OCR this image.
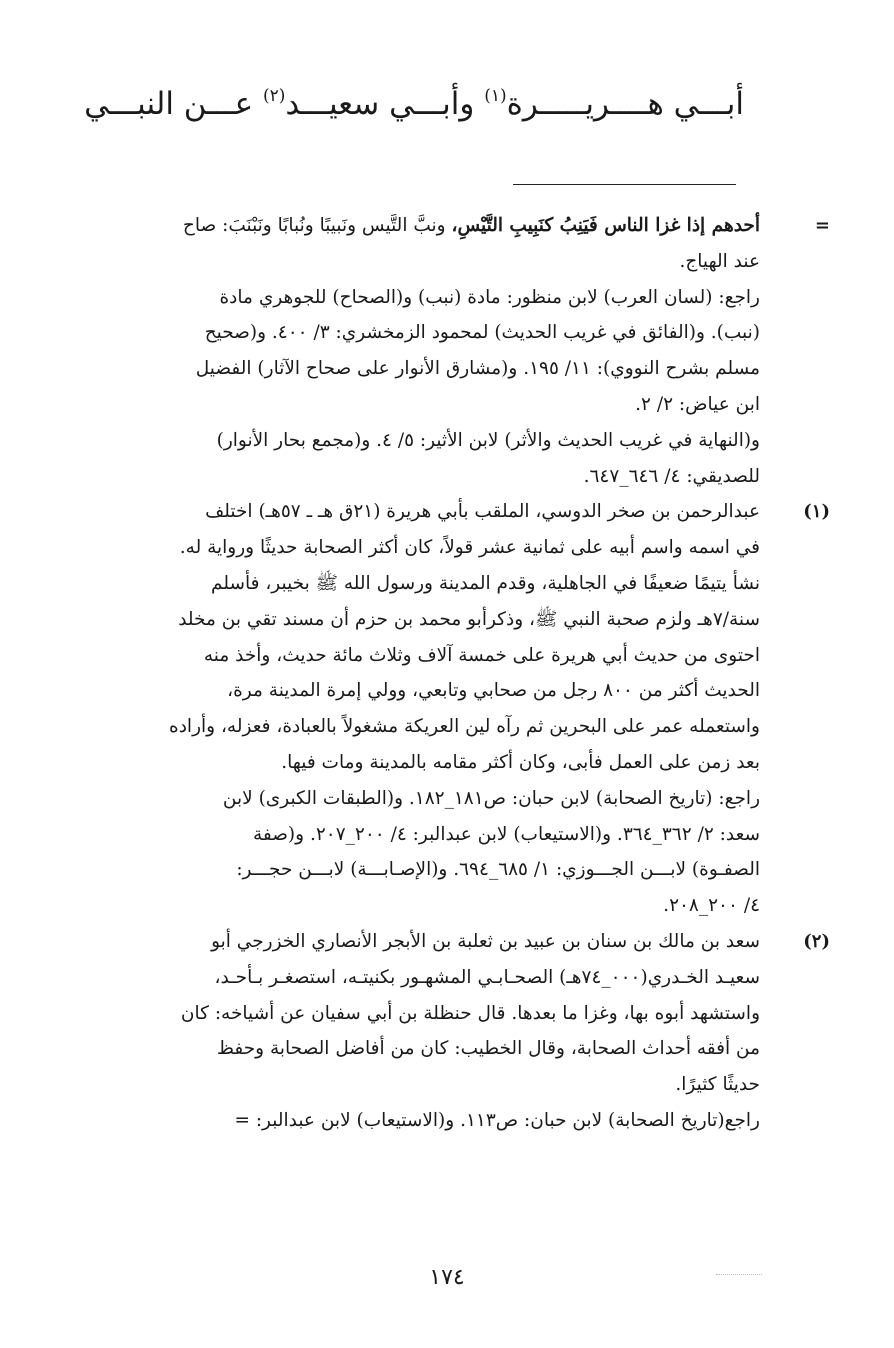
أبـــي هــــريـــــرة$^{(١)}$ وأبـــي سعيـــد$^{(٢)}$ عـــن النبـــي
=
أحدهم إذا غزا الناس فَيَنِبُ كنَبِيبِ التَّيْسِ، ونبَّ التَّيس ونَبيبًا ونُبابًا ونَبْنَبَ: صاح
عند الهياج.
راجع: (لسان العرب) لابن منظور: مادة (نبب) و(الصحاح) للجوهري مادة
(نبب). و(الفائق في غريب الحديث) لمحمود الزمخشري: ٣/ ٤٠٠. و(صحيح
مسلم بشرح النووي): ١١/ ١٩٥. و(مشارق الأنوار على صحاح الآثار) الفضيل
ابن عياض: ٢/ ٢.
و(النهاية في غريب الحديث والأثر) لابن الأثير: ٥/ ٤. و(مجمع بحار الأنوار)
للصديقي: ٤/ ٦٤٦_٦٤٧.
(١)
عبدالرحمن بن صخر الدوسي، الملقب بأبي هريرة (٢١ق هـ ـ ٥٧هـ) اختلف
في اسمه واسم أبيه على ثمانية عشر قولاً، كان أكثر الصحابة حديثًا ورواية له.
نشأ يتيمًا ضعيفًا في الجاهلية، وقدم المدينة ورسول الله ﷺ بخيبر، فأسلم
سنة/٧هـ ولزم صحبة النبي ﷺ، وذكرأبو محمد بن حزم أن مسند تقي بن مخلد
احتوى من حديث أبي هريرة على خمسة آلاف وثلاث مائة حديث، وأخذ منه
الحديث أكثر من ٨٠٠ رجل من صحابي وتابعي، وولي إمرة المدينة مرة،
واستعمله عمر على البحرين ثم رآه لين العريكة مشغولاً بالعبادة، فعزله، وأراده
بعد زمن على العمل فأبى، وكان أكثر مقامه بالمدينة ومات فيها.
راجع: (تاريخ الصحابة) لابن حبان: ص١٨١_١٨٢. و(الطبقات الكبرى) لابن
سعد: ٢/ ٣٦٢_٣٦٤. و(الاستيعاب) لابن عبدالبر: ٤/ ٢٠٠_٢٠٧. و(صفة
الصفـوة) لابـــن الجـــوزي: ١/ ٦٨٥_٦٩٤. و(الإصـابـــة) لابـــن حجـــر:
٤/ ٢٠٠_٢٠٨.
(٢)
سعد بن مالك بن سنان بن عبيد بن ثعلبة بن الأبجر الأنصاري الخزرجي أبو
سعيـد الخـدري(٠٠٠_٧٤هـ) الصحـابـي المشهـور بكنيتـه، استصغـر بـأحـد،
واستشهد أبوه بها، وغزا ما بعدها. قال حنظلة بن أبي سفيان عن أشياخه: كان
من أفقه أحداث الصحابة، وقال الخطيب: كان من أفاضل الصحابة وحفظ
حديثًا كثيرًا.
راجع(تاريخ الصحابة) لابن حبان: ص١١٣. و(الاستيعاب) لابن عبدالبر: =
١٧٤
